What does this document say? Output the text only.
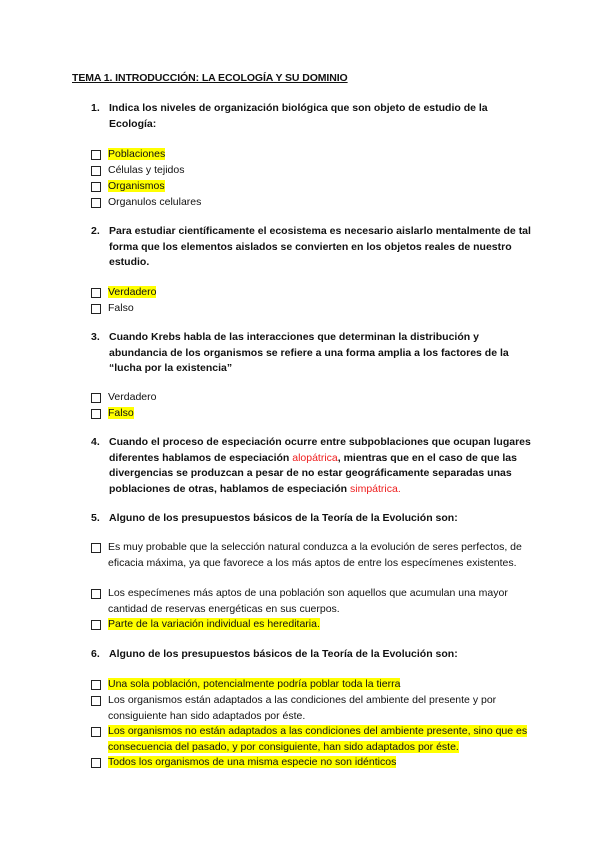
TEMA 1. INTRODUCCIÓN: LA ECOLOGÍA Y SU DOMINIO
1. Indica los niveles de organización biológica que son objeto de estudio de la Ecología:
Poblaciones
Células y tejidos
Organismos
Organulos celulares
2. Para estudiar científicamente el ecosistema es necesario aislarlo mentalmente de tal forma que los elementos aislados se convierten en los objetos reales de nuestro estudio.
Verdadero
Falso
3. Cuando Krebs habla de las interacciones que determinan la distribución y abundancia de los organismos se refiere a una forma amplia a los factores de la “lucha por la existencia”
Verdadero
Falso
4. Cuando el proceso de especiación ocurre entre subpoblaciones que ocupan lugares diferentes hablamos de especiación alopátrica, mientras que en el caso de que las divergencias se produzcan a pesar de no estar geográficamente separadas unas poblaciones de otras, hablamos de especiación simpátrica.
5. Alguno de los presupuestos básicos de la Teoría de la Evolución son:
Es muy probable que la selección natural conduzca a la evolución de seres perfectos, de eficacia máxima, ya que favorece a los más aptos de entre los especímenes existentes.
Los especímenes más aptos de una población son aquellos que acumulan una mayor cantidad de reservas energéticas en sus cuerpos.
Parte de la variación individual es hereditaria.
6. Alguno de los presupuestos básicos de la Teoría de la Evolución son:
Una sola población, potencialmente podría poblar toda la tierra
Los organismos están adaptados a las condiciones del ambiente del presente y por consiguiente han sido adaptados por éste.
Los organismos no están adaptados a las condiciones del ambiente presente, sino que es consecuencia del pasado, y por consiguiente, han sido adaptados por éste.
Todos los organismos de una misma especie no son idénticos
